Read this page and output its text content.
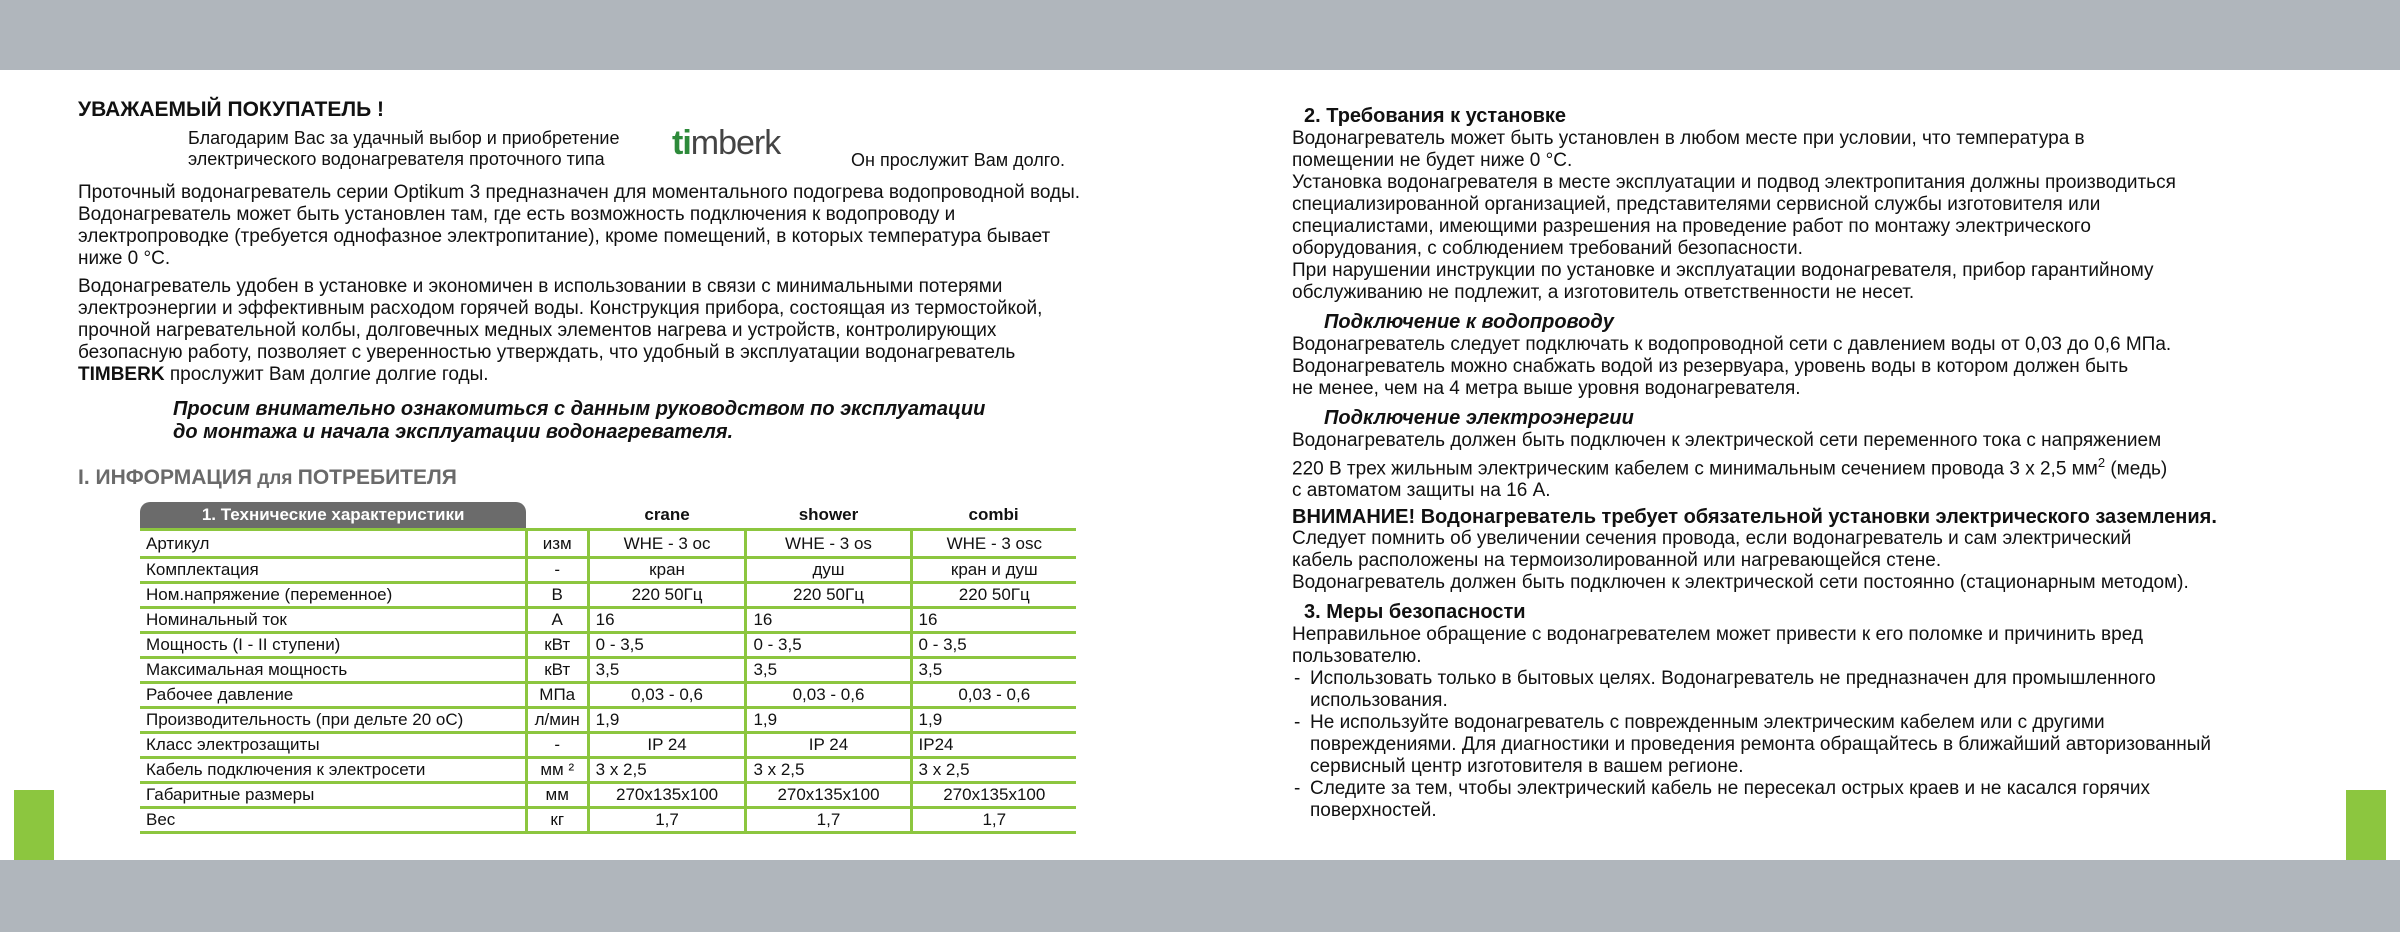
УВАЖАЕМЫЙ ПОКУПАТЕЛЬ !
Благодарим Вас за удачный выбор и приобретение
электрического водонагревателя проточного типа	ti mberk	Он прослужит Вам долго.

Проточный водонагреватель серии Optikum 3 предназначен для моментального подогрева водопроводной воды. Водонагреватель может быть установлен там, где есть возможность подключения к водопроводу и электропроводке (требуется однофазное электропитание), кроме помещений, в которых температура бывает ниже 0 °С.

Водонагреватель удобен в установке и экономичен в использовании в связи с минимальными потерями электроэнергии и эффективным расходом горячей воды. Конструкция прибора, состоящая из термостойкой, прочной нагревательной колбы, долговечных медных элементов нагрева и устройств, контролирующих безопасную работу, позволяет с уверенностью утверждать, что удобный в эксплуатации водонагреватель TIMBERK прослужит Вам долгие долгие годы.

Просим внимательно ознакомиться с данным руководством по эксплуатации
до монтажа и начала эксплуатации водонагревателя.
I. ИНФОРМАЦИЯ для ПОТРЕБИТЕЛЯ
1. Технические характеристики		crane	shower	combi
Артикул	изм	WHE - 3 oc	WHE - 3 os	WHE - 3 osc
Комплектация	-	кран	душ	кран и душ
Ном.напряжение (переменное)	В	220 50Гц	220 50Гц	220 50Гц
Номинальный ток	А	16	16	16
Мощность (I - II ступени)	кВт	0 - 3,5	0 - 3,5	0 - 3,5
Максимальная мощность	кВт	3,5	3,5	3,5
Рабочее давление	МПа	0,03 - 0,6	0,03 - 0,6	0,03 - 0,6
Производительность (при дельте 20 оС)	л/мин	1,9	1,9	1,9
Класс электрозащиты	-	IP 24	IP 24	IP24
Кабель подключения к электросети	мм ²	3 x 2,5	3 x 2,5	3 x 2,5
Габаритные размеры	мм	270x135x100	270x135x100	270x135x100
Вес	кг	1,7	1,7	1,7

2. Требования к установке

Водонагреватель может быть установлен в любом месте при условии, что температура в

помещении не будет ниже 0 °С.

Установка водонагревателя в месте эксплуатации и подвод электропитания должны производиться

специализированной организацией, представителями сервисной службы изготовителя или

специалистами, имеющими разрешения на проведение работ по монтажу электрического

оборудования, с соблюдением требований безопасности.

При нарушении инструкции по установке и эксплуатации водонагревателя, прибор гарантийному

обслуживанию не подлежит, а изготовитель ответственности не несет.

Подключение к водопроводу

Водонагреватель следует подключать к водопроводной сети с давлением воды от 0,03 до 0,6 МПа.

Водонагреватель можно снабжать водой из резервуара, уровень воды в котором должен быть

не менее, чем на 4 метра выше уровня водонагревателя.

Подключение электроэнергии

Водонагреватель должен быть подключен к электрической сети переменного тока с напряжением

220 В трех жильным электрическим кабелем с минимальным сечением провода 3 х 2,5 $мм^2$ (медь)

с автоматом защиты на 16 А.

ВНИМАНИЕ! Водонагреватель требует обязательной установки электрического заземления.

Следует помнить об увеличении сечения провода, если водонагреватель и сам электрический

кабель расположены на термоизолированной или нагревающейся стене.

Водонагреватель должен быть подключен к электрической сети постоянно (стационарным методом).

3. Меры безопасности

Неправильное обращение с водонагревателем может привести к его поломке и причинить вред

пользователю.

- Использовать только в бытовых целях. Водонагреватель не предназначен для промышленного использования.
- Не используйте водонагреватель с поврежденным электрическим кабелем или с другими повреждениями. Для диагностики и проведения ремонта обращайтесь в ближайший авторизованный сервисный центр изготовителя в вашем регионе.
- Следите за тем, чтобы электрический кабель не пересекал острых краев и не касался горячих поверхностей.
